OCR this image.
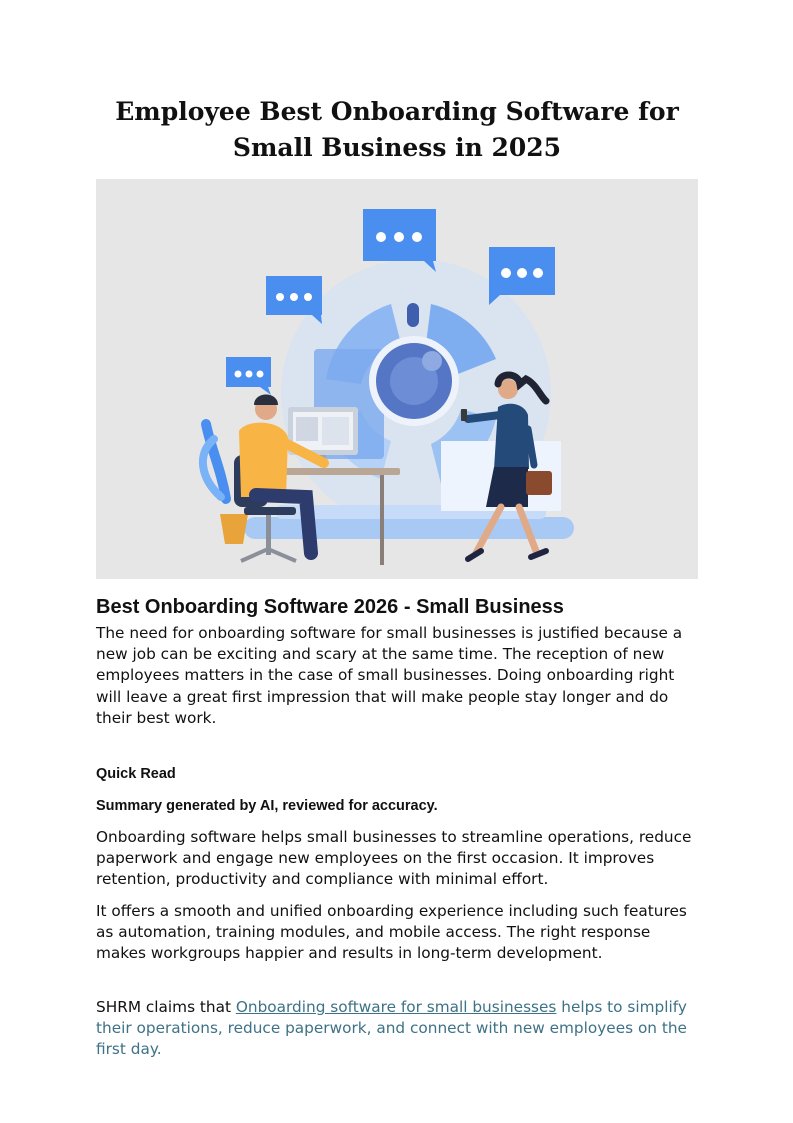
Employee Best Onboarding Software for Small Business in 2025
Best Onboarding Software 2026 - Small Business

The need for onboarding software for small businesses is justified because a new job can be exciting and scary at the same time. The reception of new employees matters in the case of small businesses. Doing onboarding right will leave a great first impression that will make people stay longer and do their best work.

Quick Read

Summary generated by AI, reviewed for accuracy.

Onboarding software helps small businesses to streamline operations, reduce paperwork and engage new employees on the first occasion. It improves retention, productivity and compliance with minimal effort.

It offers a smooth and unified onboarding experience including such features as automation, training modules, and mobile access. The right response makes workgroups happier and results in long-term development.

SHRM claims that Onboarding software for small businesses helps to simplify their operations, reduce paperwork, and connect with new employees on the first day.
